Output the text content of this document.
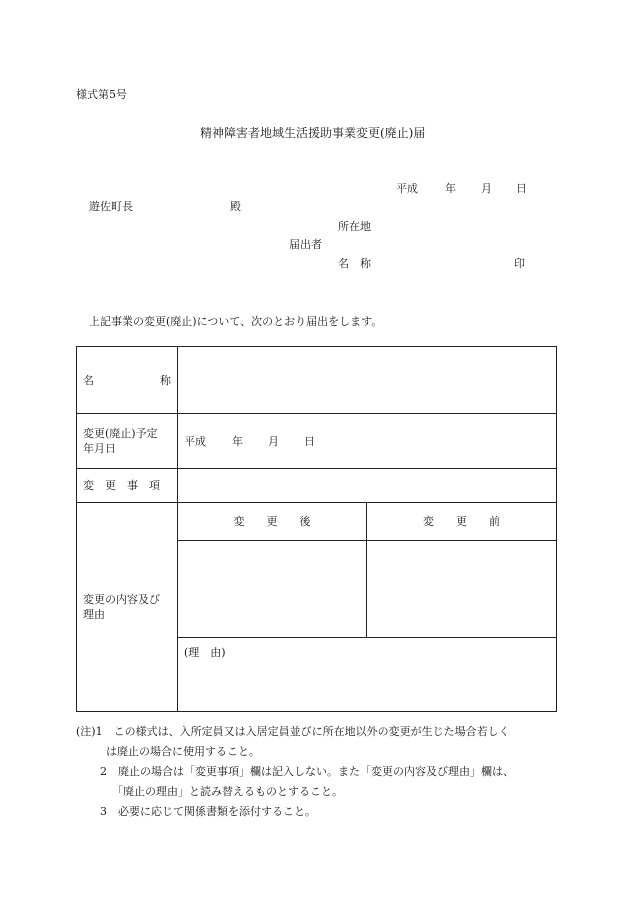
様式第5号
精神障害者地域生活援助事業変更(廃止)届
平成 年 月 日
遊佐町長	殿
所在地
届出者
名　称	印
上記事業の変更(廃止)について、次のとおり届出をします。
名 称		

変更(廃止)予定
年月日	平成 年 月 日	
変　更　事　項		

変更の内容及び
理由	変　　更　　後	変　　更　　前

	(理　由)	

(注)1 この様式は、入所定員又は入居定員並びに所在地以外の変更が生じた場合若しく

は廃止の場合に使用すること。

2 廃止の場合は「変更事項」欄は記入しない。また「変更の内容及び理由」欄は、

「廃止の理由」と読み替えるものとすること。

3 必要に応じて関係書類を添付すること。
